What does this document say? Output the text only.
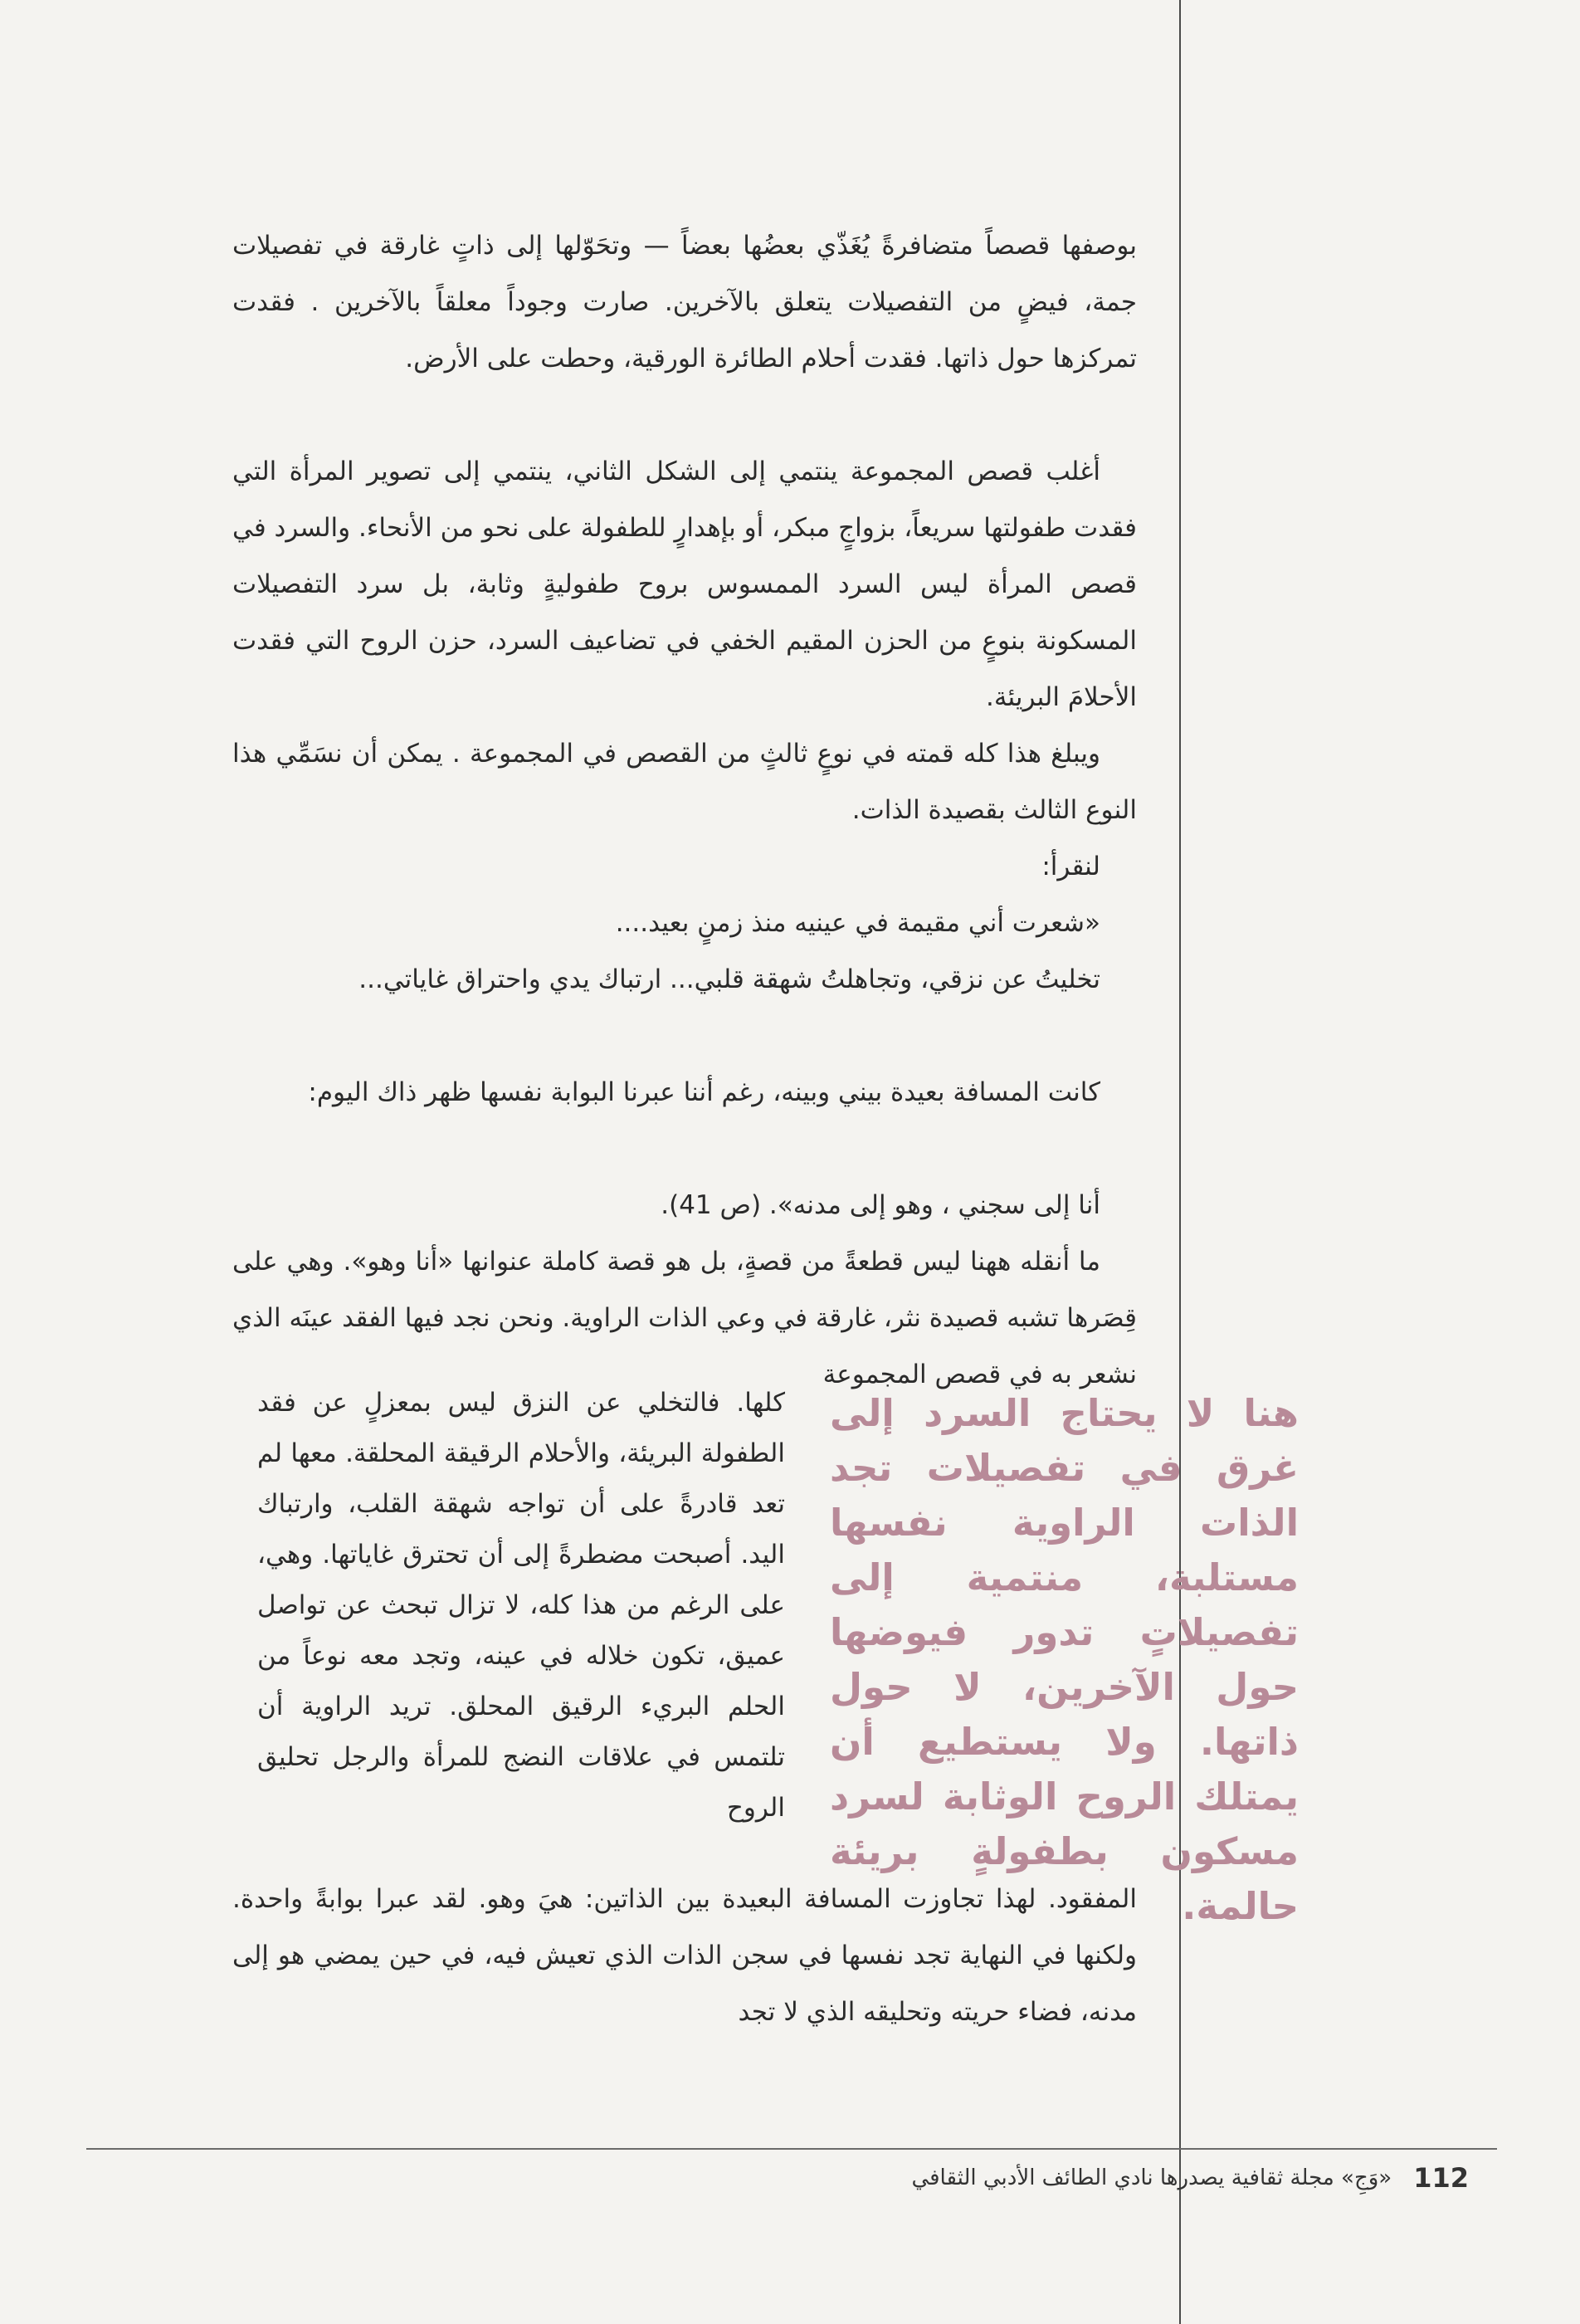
بوصفها قصصاً متضافرةً يُغَذّي بعضُها بعضاً — وتحَوّلها إلى ذاتٍ غارقة في تفصيلات جمة، فيضٍ من التفصيلات يتعلق بالآخرين. صارت وجوداً معلقاً بالآخرين . فقدت تمركزها حول ذاتها. فقدت أحلام الطائرة الورقية، وحطت على الأرض.

أغلب قصص المجموعة ينتمي إلى الشكل الثاني، ينتمي إلى تصوير المرأة التي فقدت طفولتها سريعاً، بزواجٍ مبكر، أو بإهدارٍ للطفولة على نحو من الأنحاء. والسرد في قصص المرأة ليس السرد الممسوس بروح طفوليةٍ وثابة، بل سرد التفصيلات المسكونة بنوعٍ من الحزن المقيم الخفي في تضاعيف السرد، حزن الروح التي فقدت الأحلامَ البريئة.

ويبلغ هذا كله قمته في نوعٍ ثالثٍ من القصص في المجموعة . يمكن أن نسَمِّي هذا النوع الثالث بقصيدة الذات.

لنقرأ:

«شعرت أني مقيمة في عينيه منذ زمنٍ بعيد....

تخليتُ عن نزقي، وتجاهلتُ شهقة قلبي... ارتباك يدي واحتراق غاياتي...

كانت المسافة بعيدة بيني وبينه، رغم أننا عبرنا البوابة نفسها ظهر ذاك اليوم:

أنا إلى سجني ، وهو إلى مدنه». (ص 41).

ما أنقله ههنا ليس قطعةً من قصةٍ، بل هو قصة كاملة عنوانها «أنا وهو». وهي على قِصَرها تشبه قصيدة نثر، غارقة في وعي الذات الراوية. ونحن نجد فيها الفقد عينَه الذي نشعر به في قصص المجموعة

كلها. فالتخلي عن النزق ليس بمعزلٍ عن فقد الطفولة البريئة، والأحلام الرقيقة المحلقة. معها لم تعد قادرةً على أن تواجه شهقة القلب، وارتباك اليد. أصبحت مضطرةً إلى أن تحترق غاياتها. وهي، على الرغم من هذا كله، لا تزال تبحث عن تواصل عميق، تكون خلاله في عينه، وتجد معه نوعاً من الحلم البريء الرقيق المحلق. تريد الراوية أن تلتمس في علاقات النضج للمرأة والرجل تحليق الروح

هنا لا يحتاج السرد إلى غرق في تفصيلات تجد الذات الراوية نفسها مستلبة، منتمية إلى تفصيلاتٍ تدور فيوضها حول الآخرين، لا حول ذاتها. ولا يستطيع أن يمتلك الروح الوثابة لسرد مسكون بطفولةٍ بريئة حالمة.

المفقود. لهذا تجاوزت المسافة البعيدة بين الذاتين: هيَ وهو. لقد عبرا بوابةً واحدة. ولكنها في النهاية تجد نفسها في سجن الذات الذي تعيش فيه، في حين يمضي هو إلى مدنه، فضاء حريته وتحليقه الذي لا تجد

112
«وَجِ» مجلة ثقافية يصدرها نادي الطائف الأدبي الثقافي
